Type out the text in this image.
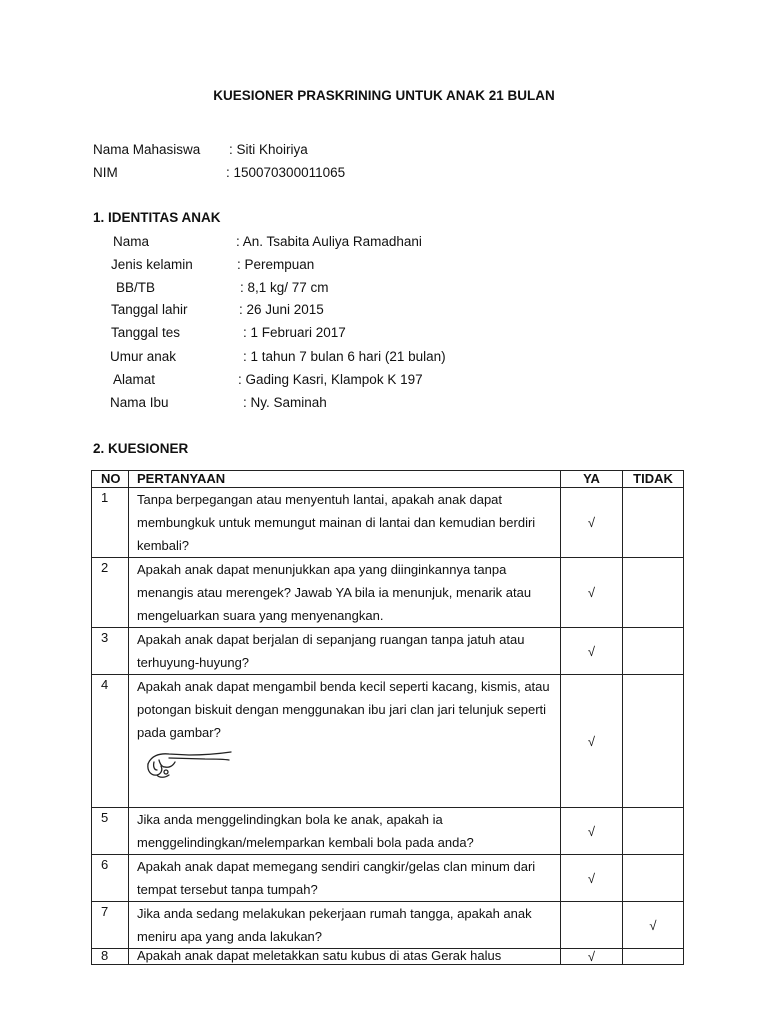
KUESIONER PRASKRINING UNTUK ANAK 21 BULAN
Nama Mahasiswa : Siti Khoiriya
NIM	: 150070300011065
1. IDENTITAS ANAK
Nama	: An. Tsabita Auliya Ramadhani
Jenis kelamin	: Perempuan
BB/TB	: 8,1 kg/ 77 cm
Tanggal lahir	: 26 Juni 2015
Tanggal tes	: 1 Februari 2017
Umur anak	: 1 tahun 7 bulan 6 hari (21 bulan)
Alamat	: Gading Kasri, Klampok K 197
Nama Ibu	: Ny. Saminah
2. KUESIONER
NO	PERTANYAAN	YA	TIDAK
1	Tanpa berpegangan atau menyentuh lantai, apakah anak dapat membungkuk untuk memungut mainan di lantai dan kemudian berdiri kembali?	√	
2	Apakah anak dapat menunjukkan apa yang diinginkannya tanpa menangis atau merengek? Jawab YA bila ia menunjuk, menarik atau mengeluarkan suara yang menyenangkan.	√	
3	Apakah anak dapat berjalan di sepanjang ruangan tanpa jatuh atau terhuyung-huyung?	√	
4	Apakah anak dapat mengambil benda kecil seperti kacang, kismis, atau potongan biskuit dengan menggunakan ibu jari clan jari telunjuk seperti pada gambar?	√	
5	Jika anda menggelindingkan bola ke anak, apakah ia menggelindingkan/melemparkan kembali bola pada anda?	√	
6	Apakah anak dapat memegang sendiri cangkir/gelas clan minum dari tempat tersebut tanpa tumpah?	√	
7	Jika anda sedang melakukan pekerjaan rumah tangga, apakah anak meniru apa yang anda lakukan?		√
8	Apakah anak dapat meletakkan satu kubus di atas Gerak halus	√	
